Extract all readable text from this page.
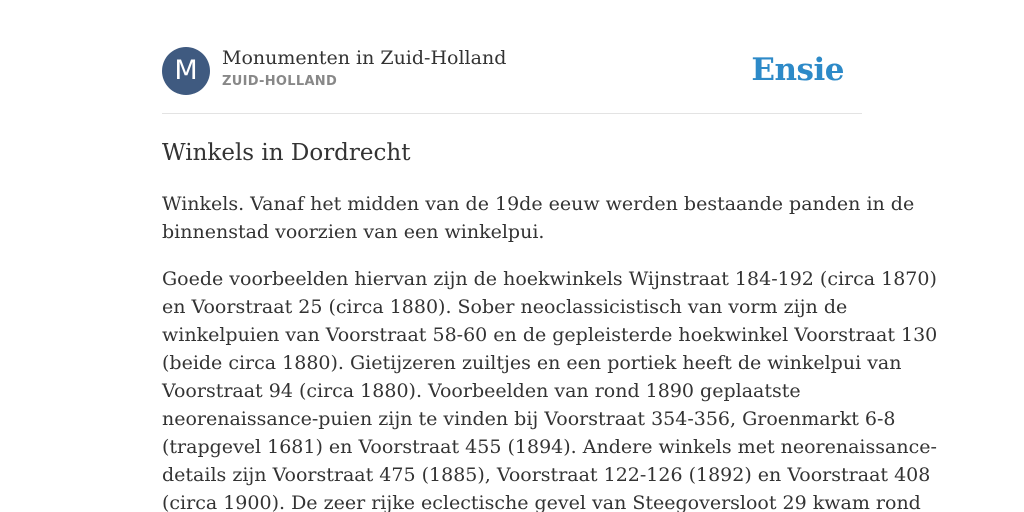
M	Monumenten in Zuid-Holland
ZUID-HOLLAND	Ensie
Winkels in Dordrecht

Winkels. Vanaf het midden van de 19de eeuw werden bestaande panden in de
binnenstad voorzien van een winkelpui.

Goede voorbeelden hiervan zijn de hoekwinkels Wijnstraat 184-192 (circa 1870)
en Voorstraat 25 (circa 1880). Sober neoclassicistisch van vorm zijn de
winkelpuien van Voorstraat 58-60 en de gepleisterde hoekwinkel Voorstraat 130
(beide circa 1880). Gietijzeren zuiltjes en een portiek heeft de winkelpui van
Voorstraat 94 (circa 1880). Voorbeelden van rond 1890 geplaatste
neorenaissance-puien zijn te vinden bij Voorstraat 354-356, Groenmarkt 6-8
(trapgevel 1681) en Voorstraat 455 (1894). Andere winkels met neorenaissance-
details zijn Voorstraat 475 (1885), Voorstraat 122-126 (1892) en Voorstraat 408
(circa 1900). De zeer rijke eclectische gevel van Steegoversloot 29 kwam rond
